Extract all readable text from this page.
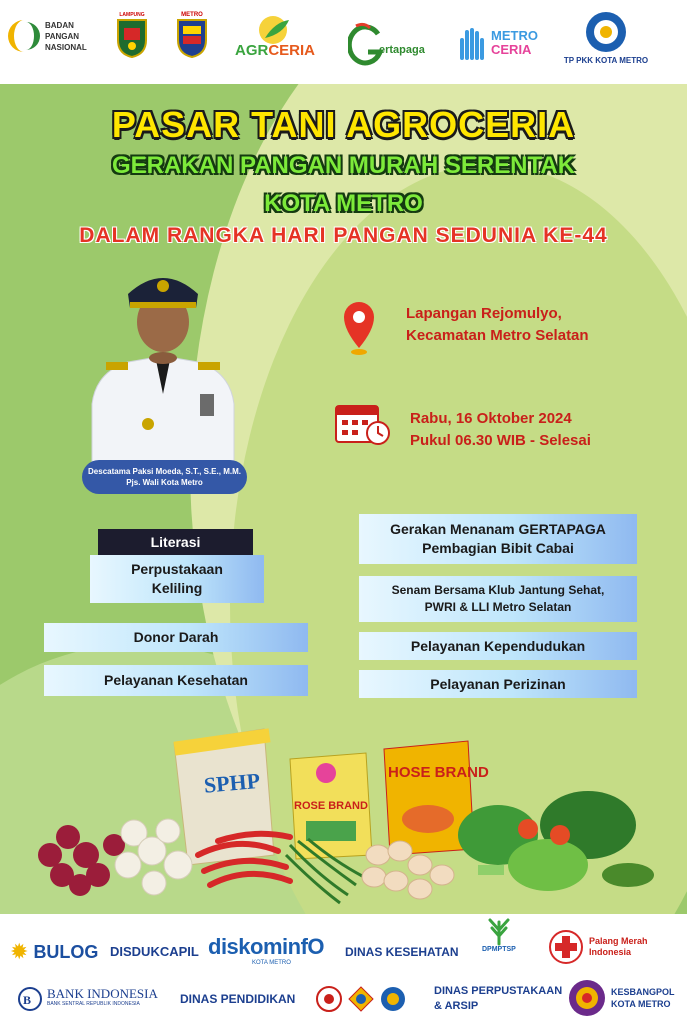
BADAN PANGAN NASIONAL
LAMPUNG	METRO
AGRCERIA	ertapaga
METRO
CERIA
TP PKK KOTA METRO
PASAR TANI AGROCERIA
GERAKAN PANGAN MURAH SERENTAK
KOTA METRO
DALAM RANGKA HARI PANGAN SEDUNIA KE-44
Descatama Paksi Moeda, S.T., S.E., M.M.
Pjs. Wali Kota Metro
Lapangan Rejomulyo,
Kecamatan Metro Selatan
Rabu, 16 Oktober 2024
Pukul 06.30 WIB - Selesai
Literasi
Perpustakaan
Keliling
Donor Darah
Pelayanan Kesehatan
Gerakan Menanam GERTAPAGA
Pembagian Bibit Cabai
Senam Bersama Klub Jantung Sehat,
PWRI & LLI Metro Selatan
Pelayanan Kependudukan
Pelayanan Perizinan
SPHP
ROSE BRAND
HOSE BRAND
✹ BULOG DISDUKCAPIL diskominfO
KOTA METRO
DINAS KESEHATAN	DPMPTSP
Palang Merah
Indonesia
B BANK INDONESIA
BANK SENTRAL REPUBLIK INDONESIA	DINAS PENDIDIKAN
DINAS PERPUSTAKAAN
& ARSIP
KESBANGPOL
KOTA METRO
